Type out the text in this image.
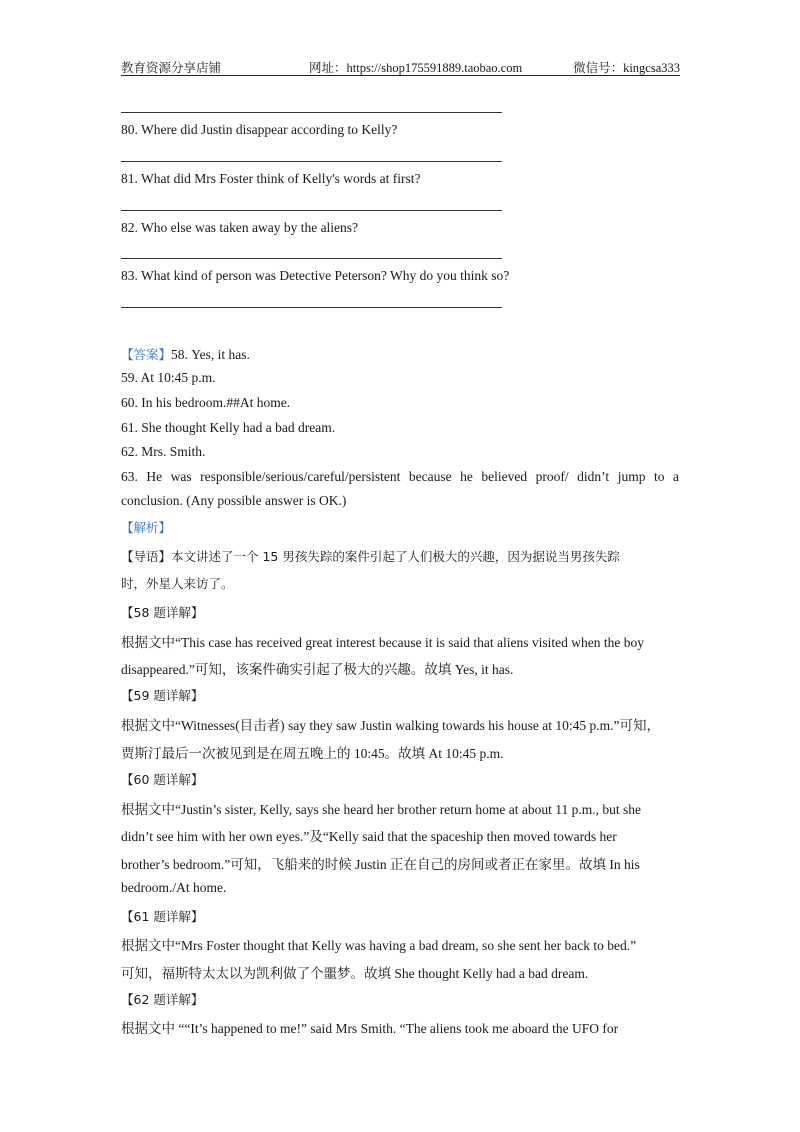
教育资源分享店铺	网址：https://shop175591889.taobao.com	微信号：kingcsa333
80. Where did Justin disappear according to Kelly?
81. What did Mrs Foster think of Kelly's words at first?
82. Who else was taken away by the aliens?
83. What kind of person was Detective Peterson? Why do you think so?
【答案】58. Yes, it has.
59. At 10:45 p.m.
60. In his bedroom.##At home.
61. She thought Kelly had a bad dream.
62. Mrs. Smith.
63. He was responsible/serious/careful/persistent because he believed proof/ didn’t jump to a
conclusion. (Any possible answer is OK.)
【解析】
【导语】本文讲述了一个 15 男孩失踪的案件引起了人们极大的兴趣，因为据说当男孩失踪
时，外星人来访了。
【58 题详解】
根据文中“This case has received great interest because it is said that aliens visited when the boy
disappeared.”可知，该案件确实引起了极大的兴趣。故填 Yes, it has.
【59 题详解】
根据文中“Witnesses(目击者) say they saw Justin walking towards his house at 10:45 p.m.”可知，
贾斯汀最后一次被见到是在周五晚上的 10:45。故填 At 10:45 p.m.
【60 题详解】
根据文中“Justin’s sister, Kelly, says she heard her brother return home at about 11 p.m., but she
didn’t see him with her own eyes.”及“Kelly said that the spaceship then moved towards her
brother’s bedroom.”可知，飞船来的时候 Justin 正在自己的房间或者正在家里。故填 In his
bedroom./At home.
【61 题详解】
根据文中“Mrs Foster thought that Kelly was having a bad dream, so she sent her back to bed.”
可知，福斯特太太以为凯利做了个噩梦。故填 She thought Kelly had a bad dream.
【62 题详解】
根据文中 ““It’s happened to me!” said Mrs Smith. “The aliens took me aboard the UFO for
